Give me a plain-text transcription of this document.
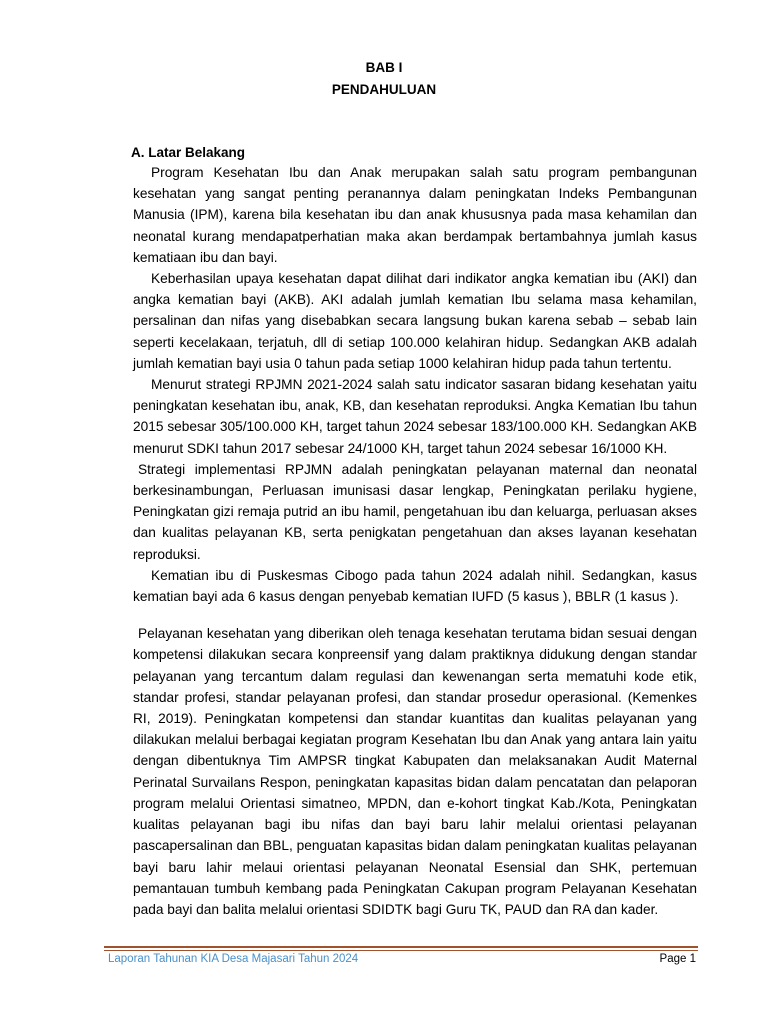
BAB I
PENDAHULUAN
A. Latar Belakang

Program Kesehatan Ibu dan Anak merupakan salah satu program pembangunan kesehatan yang sangat penting peranannya dalam peningkatan Indeks Pembangunan Manusia (IPM), karena bila kesehatan ibu dan anak khususnya pada masa kehamilan dan neonatal kurang mendapatperhatian maka akan berdampak bertambahnya jumlah kasus kematiaan ibu dan bayi.

Keberhasilan upaya kesehatan dapat dilihat dari indikator angka kematian ibu (AKI) dan angka kematian bayi (AKB). AKI adalah jumlah kematian Ibu selama masa kehamilan, persalinan dan nifas yang disebabkan secara langsung bukan karena sebab – sebab lain seperti kecelakaan, terjatuh, dll di setiap 100.000 kelahiran hidup. Sedangkan AKB adalah jumlah kematian bayi usia 0 tahun pada setiap 1000 kelahiran hidup pada tahun tertentu.

Menurut strategi RPJMN 2021-2024 salah satu indicator sasaran bidang kesehatan yaitu peningkatan kesehatan ibu, anak, KB, dan kesehatan reproduksi. Angka Kematian Ibu tahun 2015 sebesar 305/100.000 KH, target tahun 2024 sebesar 183/100.000 KH. Sedangkan AKB menurut SDKI tahun 2017 sebesar 24/1000 KH, target tahun 2024 sebesar 16/1000 KH.

Strategi implementasi RPJMN adalah peningkatan pelayanan maternal dan neonatal berkesinambungan, Perluasan imunisasi dasar lengkap, Peningkatan perilaku hygiene, Peningkatan gizi remaja putrid an ibu hamil, pengetahuan ibu dan keluarga, perluasan akses dan kualitas pelayanan KB, serta penigkatan pengetahuan dan akses layanan kesehatan reproduksi.

Kematian ibu di Puskesmas Cibogo pada tahun 2024 adalah nihil. Sedangkan, kasus kematian bayi ada 6 kasus dengan penyebab kematian IUFD (5 kasus ), BBLR (1 kasus ).

Pelayanan kesehatan yang diberikan oleh tenaga kesehatan terutama bidan sesuai dengan kompetensi dilakukan secara konpreensif yang dalam praktiknya didukung dengan standar pelayanan yang tercantum dalam regulasi dan kewenangan serta mematuhi kode etik, standar profesi, standar pelayanan profesi, dan standar prosedur operasional. (Kemenkes RI, 2019). Peningkatan kompetensi dan standar kuantitas dan kualitas pelayanan yang dilakukan melalui berbagai kegiatan program Kesehatan Ibu dan Anak yang antara lain yaitu dengan dibentuknya Tim AMPSR tingkat Kabupaten dan melaksanakan Audit Maternal Perinatal Survailans Respon, peningkatan kapasitas bidan dalam pencatatan dan pelaporan program melalui Orientasi simatneo, MPDN, dan e-kohort tingkat Kab./Kota, Peningkatan kualitas pelayanan bagi ibu nifas dan bayi baru lahir melalui orientasi pelayanan pascapersalinan dan BBL, penguatan kapasitas bidan dalam peningkatan kualitas pelayanan bayi baru lahir melaui orientasi pelayanan Neonatal Esensial dan SHK, pertemuan pemantauan tumbuh kembang pada Peningkatan Cakupan program Pelayanan Kesehatan pada bayi dan balita melalui orientasi SDIDTK bagi Guru TK, PAUD dan RA dan kader.

Laporan Tahunan KIA Desa Majasari Tahun 2024	Page 1
